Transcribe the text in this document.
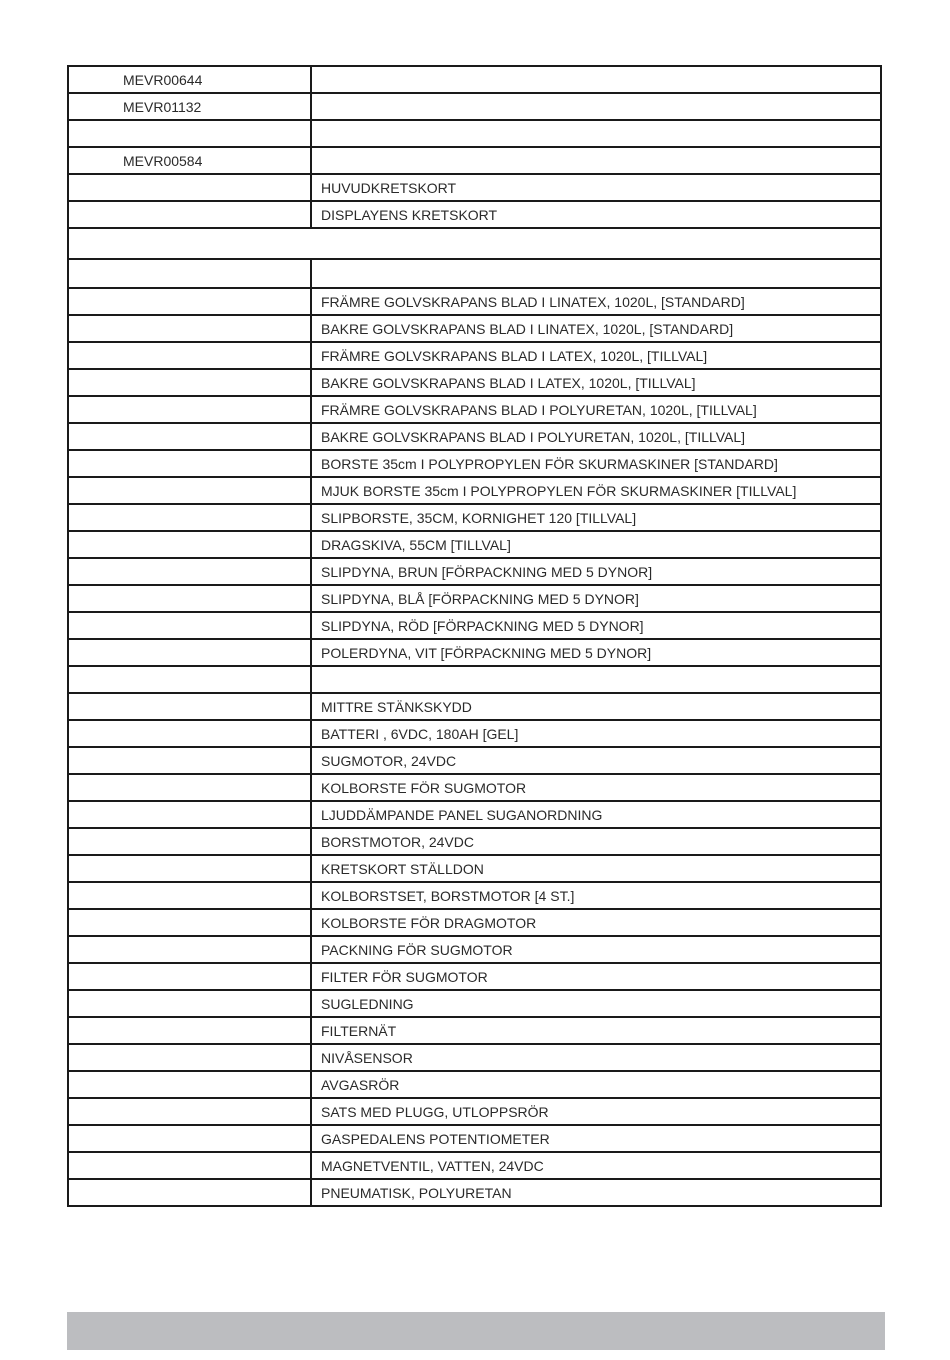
MEVR00644	
MEVR01132	

MEVR00584	
	HUVUDKRETSKORT
	DISPLAYENS KRETSKORT

	FRÄMRE GOLVSKRAPANS BLAD I LINATEX, 1020L, [STANDARD]
	BAKRE GOLVSKRAPANS BLAD I LINATEX, 1020L, [STANDARD]
	FRÄMRE GOLVSKRAPANS BLAD I LATEX, 1020L, [TILLVAL]
	BAKRE GOLVSKRAPANS BLAD I LATEX, 1020L, [TILLVAL]
	FRÄMRE GOLVSKRAPANS BLAD I POLYURETAN, 1020L, [TILLVAL]
	BAKRE GOLVSKRAPANS BLAD I POLYURETAN, 1020L, [TILLVAL]
	BORSTE 35cm I POLYPROPYLEN FÖR SKURMASKINER [STANDARD]
	MJUK BORSTE 35cm I POLYPROPYLEN FÖR SKURMASKINER [TILLVAL]
	SLIPBORSTE, 35CM, KORNIGHET 120 [TILLVAL]
	DRAGSKIVA, 55CM [TILLVAL]
	SLIPDYNA, BRUN [FÖRPACKNING MED 5 DYNOR]
	SLIPDYNA, BLÅ [FÖRPACKNING MED 5 DYNOR]
	SLIPDYNA, RÖD [FÖRPACKNING MED 5 DYNOR]
	POLERDYNA, VIT [FÖRPACKNING MED 5 DYNOR]

	MITTRE STÄNKSKYDD
	BATTERI , 6VDC, 180AH [GEL]
	SUGMOTOR, 24VDC
	KOLBORSTE FÖR SUGMOTOR
	LJUDDÄMPANDE PANEL SUGANORDNING
	BORSTMOTOR, 24VDC
	KRETSKORT STÄLLDON
	KOLBORSTSET, BORSTMOTOR [4 ST.]
	KOLBORSTE FÖR DRAGMOTOR
	PACKNING FÖR SUGMOTOR
	FILTER FÖR SUGMOTOR
	SUGLEDNING
	FILTERNÄT
	NIVÅSENSOR
	AVGASRÖR
	SATS MED PLUGG, UTLOPPSRÖR
	GASPEDALENS POTENTIOMETER
	MAGNETVENTIL, VATTEN, 24VDC
	PNEUMATISK, POLYURETAN
